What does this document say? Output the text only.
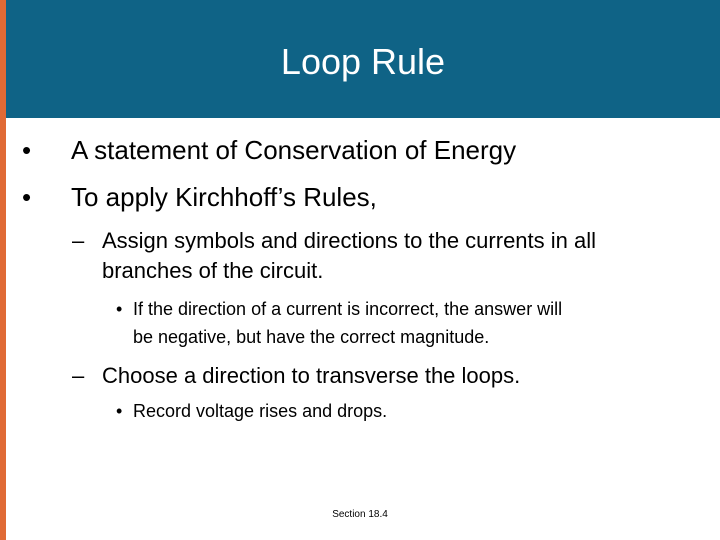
Loop Rule
• A statement of Conservation of Energy
• To apply Kirchhoff’s Rules,
– Assign symbols and directions to the currents in all
branches of the circuit.
• If the direction of a current is incorrect, the answer will
be negative, but have the correct magnitude.
– Choose a direction to transverse the loops.
• Record voltage rises and drops.
Section 18.4
